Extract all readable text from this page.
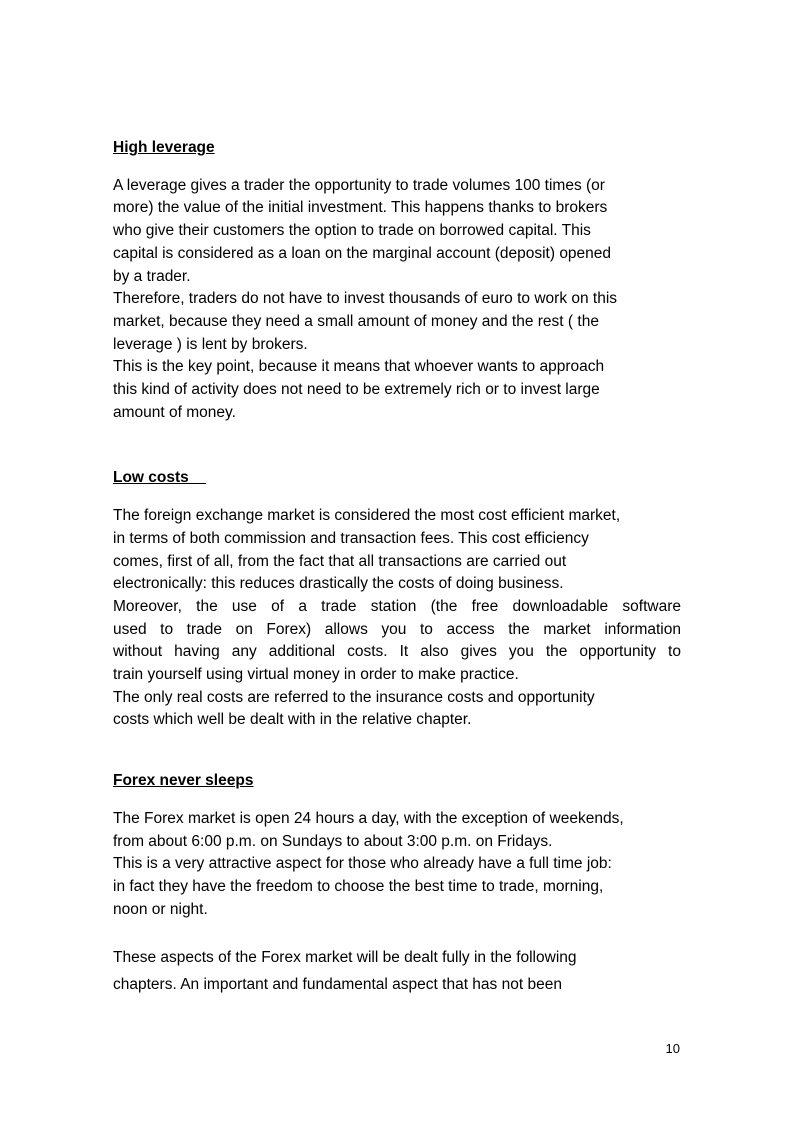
High leverage

A leverage gives a trader the opportunity to trade volumes 100 times (or
more) the value of the initial investment. This happens thanks to brokers
who give their customers the option to trade on borrowed capital. This
capital is considered as a loan on the marginal account (deposit) opened
by a trader.
Therefore, traders do not have to invest thousands of euro to work on this
market, because they need a small amount of money and the rest ( the
leverage ) is lent by brokers.
This is the key point, because it means that whoever wants to approach
this kind of activity does not need to be extremely rich or to invest large
amount of money.

Low costs

The foreign exchange market is considered the most cost efficient market,
in terms of both commission and transaction fees. This cost efficiency
comes, first of all, from the fact that all transactions are carried out
electronically: this reduces drastically the costs of doing business.

Moreover, the use of a trade station (the free downloadable software
used to trade on Forex) allows you to access the market information
without having any additional costs. It also gives you the opportunity to
train yourself using virtual money in order to make practice.

The only real costs are referred to the insurance costs and opportunity
costs which well be dealt with in the relative chapter.

Forex never sleeps

The Forex market is open 24 hours a day, with the exception of weekends,
from about 6:00 p.m. on Sundays to about 3:00 p.m. on Fridays.
This is a very attractive aspect for those who already have a full time job:
in fact they have the freedom to choose the best time to trade, morning,
noon or night.

These aspects of the Forex market will be dealt fully in the following
chapters. An important and fundamental aspect that has not been

10
